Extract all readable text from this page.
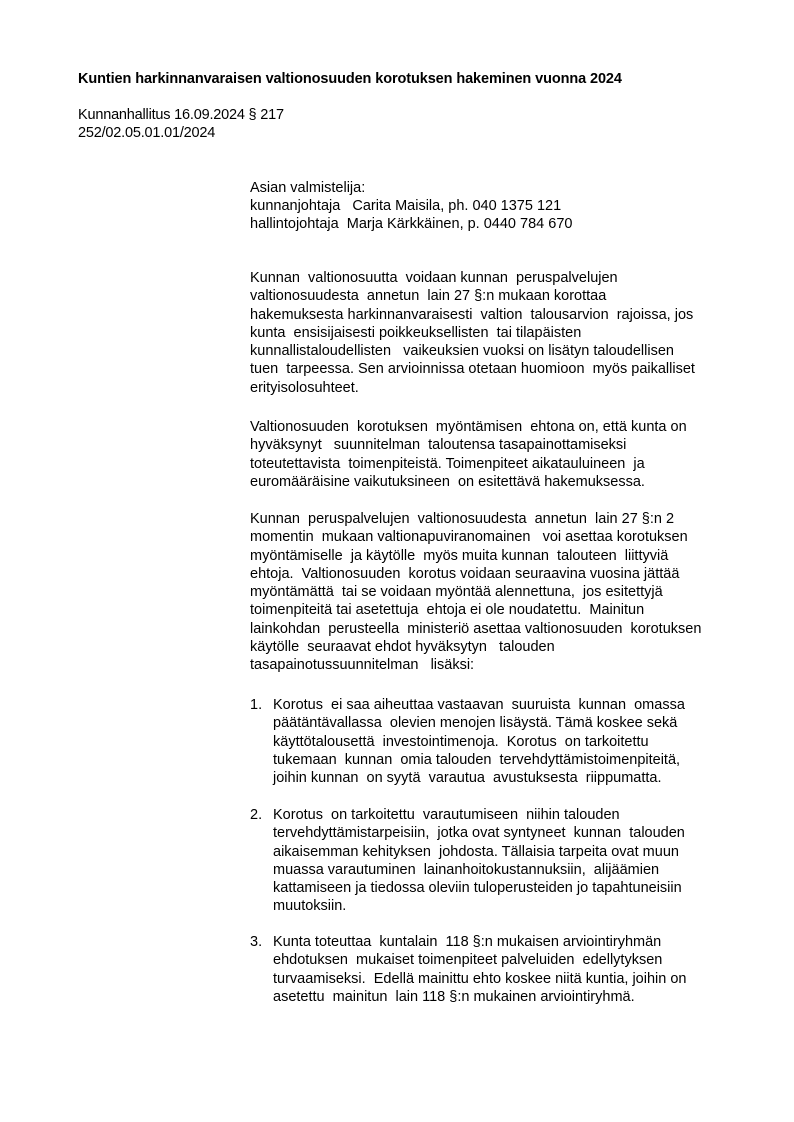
Kuntien harkinnanvaraisen valtionosuuden korotuksen hakeminen vuonna 2024
Kunnanhallitus 16.09.2024 § 217
252/02.05.01.01/2024
Asian valmistelija:
kunnanjohtaja   Carita Maisila, ph. 040 1375 121
hallintojohtaja  Marja Kärkkäinen, p. 0440 784 670
Kunnan  valtionosuutta  voidaan kunnan  peruspalvelujen
valtionosuudesta  annetun  lain 27 §:n mukaan korottaa
hakemuksesta harkinnanvaraisesti  valtion  talousarvion  rajoissa, jos
kunta  ensisijaisesti poikkeuksellisten  tai tilapäisten
kunnallistaloudellisten   vaikeuksien vuoksi on lisätyn taloudellisen
tuen  tarpeessa. Sen arvioinnissa otetaan huomioon  myös paikalliset
erityisolosuhteet.
Valtionosuuden  korotuksen  myöntämisen  ehtona on, että kunta on
hyväksynyt   suunnitelman  taloutensa tasapainottamiseksi
toteutettavista  toimenpiteistä. Toimenpiteet aikatauluineen  ja
euromääräisine vaikutuksineen  on esitettävä hakemuksessa.
Kunnan  peruspalvelujen  valtionosuudesta  annetun  lain 27 §:n 2
momentin  mukaan valtionapuviranomainen   voi asettaa korotuksen
myöntämiselle  ja käytölle  myös muita kunnan  talouteen  liittyviä
ehtoja.  Valtionosuuden  korotus voidaan seuraavina vuosina jättää
myöntämättä  tai se voidaan myöntää alennettuna,  jos esitettyjä
toimenpiteitä tai asetettuja  ehtoja ei ole noudatettu.  Mainitun
lainkohdan  perusteella  ministeriö asettaa valtionosuuden  korotuksen
käytölle  seuraavat ehdot hyväksytyn   talouden
tasapainotussuunnitelman   lisäksi:
1. Korotus  ei saa aiheuttaa vastaavan  suuruista  kunnan  omassa
päätäntävallassa  olevien menojen lisäystä. Tämä koskee sekä
käyttötalousettä  investointimenoja.  Korotus  on tarkoitettu
tukemaan  kunnan  omia talouden  tervehdyttämistoimenpiteitä,
joihin kunnan  on syytä  varautua  avustuksesta  riippumatta.
2. Korotus  on tarkoitettu  varautumiseen  niihin talouden
tervehdyttämistarpeisiin,  jotka ovat syntyneet  kunnan  talouden
aikaisemman kehityksen  johdosta. Tällaisia tarpeita ovat muun
muassa varautuminen  lainanhoitokustannuksiin,  alijäämien
kattamiseen ja tiedossa oleviin tuloperusteiden jo tapahtuneisiin
muutoksiin.
3. Kunta toteuttaa  kuntalain  118 §:n mukaisen arviointiryhmän
ehdotuksen  mukaiset toimenpiteet palveluiden  edellytyksen
turvaamiseksi.  Edellä mainittu ehto koskee niitä kuntia, joihin on
asetettu  mainitun  lain 118 §:n mukainen arviointiryhmä.
